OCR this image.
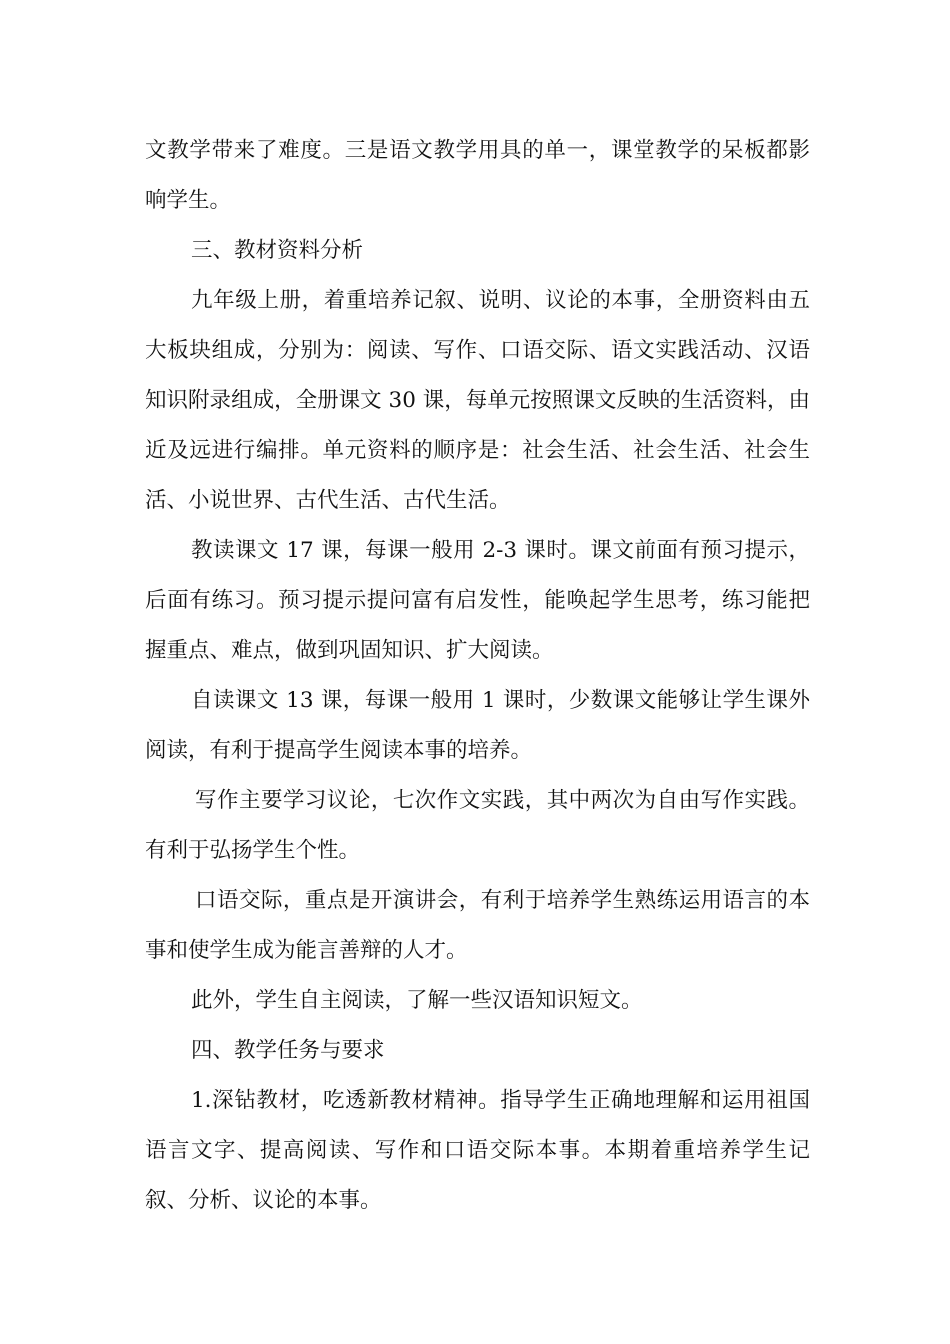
文教学带来了难度。三是语文教学用具的单一，课堂教学的呆板都影响学生。

三、教材资料分析

九年级上册，着重培养记叙、说明、议论的本事，全册资料由五大板块组成，分别为：阅读、写作、口语交际、语文实践活动、汉语知识附录组成，全册课文 30 课，每单元按照课文反映的生活资料，由近及远进行编排。单元资料的顺序是：社会生活、社会生活、社会生活、小说世界、古代生活、古代生活。

教读课文 17 课，每课一般用 2-3 课时。课文前面有预习提示，后面有练习。预习提示提问富有启发性，能唤起学生思考，练习能把握重点、难点，做到巩固知识、扩大阅读。

自读课文 13 课，每课一般用 1 课时，少数课文能够让学生课外阅读，有利于提高学生阅读本事的培养。

写作主要学习议论，七次作文实践，其中两次为自由写作实践。有利于弘扬学生个性。

口语交际，重点是开演讲会，有利于培养学生熟练运用语言的本事和使学生成为能言善辩的人才。

此外，学生自主阅读，了解一些汉语知识短文。

四、教学任务与要求

1.深钻教材，吃透新教材精神。指导学生正确地理解和运用祖国语言文字、提高阅读、写作和口语交际本事。本期着重培养学生记叙、分析、议论的本事。
